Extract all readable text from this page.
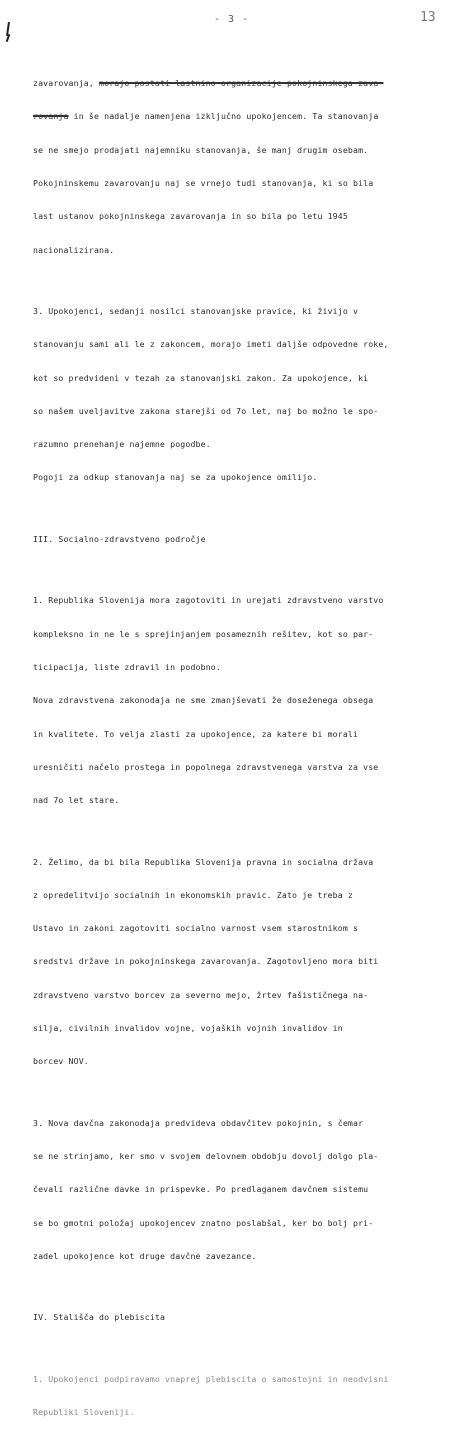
- 3 -	13

zavarovanja, morajo postati lastnino organizacije pokojninskega zava-

rovanja in še nadalje namenjena izključno upokojencem. Ta stanovanja

se ne smejo prodajati najemniku stanovanja, še manj drugim osebam.

Pokojninskemu zavarovanju naj se vrnejo tudi stanovanja, ki so bila

last ustanov pokojninskega zavarovanja in so bila po letu 1945

nacionalizirana.

3. Upokojenci, sedanji nosilci stanovanjske pravice, ki živijo v

stanovanju sami ali le z zakoncem, morajo imeti dalјše odpovedne roke,

kot so predvideni v tezah za stanovanjski zakon. Za upokojence, ki

so našem uveljavitve zakona starejši od 7o let, naj bo možno le spo-

razumno prenehanje najemne pogodbe.

Pogoji za odkup stanovanja naj se za upokojence omilijo.

III. Socialno-zdravstveno področje

1. Republika Slovenija mora zagotoviti in urejati zdravstveno varstvo

kompleksno in ne le s sprejinjanjem posameznih rešitev, kot so par-

ticipacija, liste zdravil in podobno.

Nova zdravstvena zakonodaja ne sme zmanjševati že doseženega obsega

in kvalitete. To velja zlasti za upokojence, za katere bi morali

uresničiti načelo prostega in popolnega zdravstvenega varstva za vse

nad 7o let stare.

2. Želimo, da bi bila Republika Slovenija pravna in socialna država

z opredelitvijo socialnih in ekonomskih pravic. Zato je treba z

Ustavo in zakoni zagotoviti socialno varnost vsem starostnikom s

sredstvi države in pokojninskega zavarovanja. Zagotovljeno mora biti

zdravstveno varstvo borcev za severno mejo, žrtev fašističnega na-

silja, civilnih invalidov vojne, vojaških vojnih invalidov in

borcev NOV.

3. Nova davčna zakonodaja predvideva obdavčitev pokojnin, s čemar

se ne strinjamo, ker smo v svojem delovnem obdobju dovolj dolgo pla-

čevali različne davke in prispevke. Po predlaganem davčnem sistemu

se bo gmotni položaj upokojencev znatno poslabšal, ker bo bolj pri-

zadel upokojence kot druge davčne zavezance.

IV. Stališča do plebiscita

1. Upokojenci podpiravamo vnaprej plebiscita o samostojni in neodvisni

Republiki Sloveniji.
